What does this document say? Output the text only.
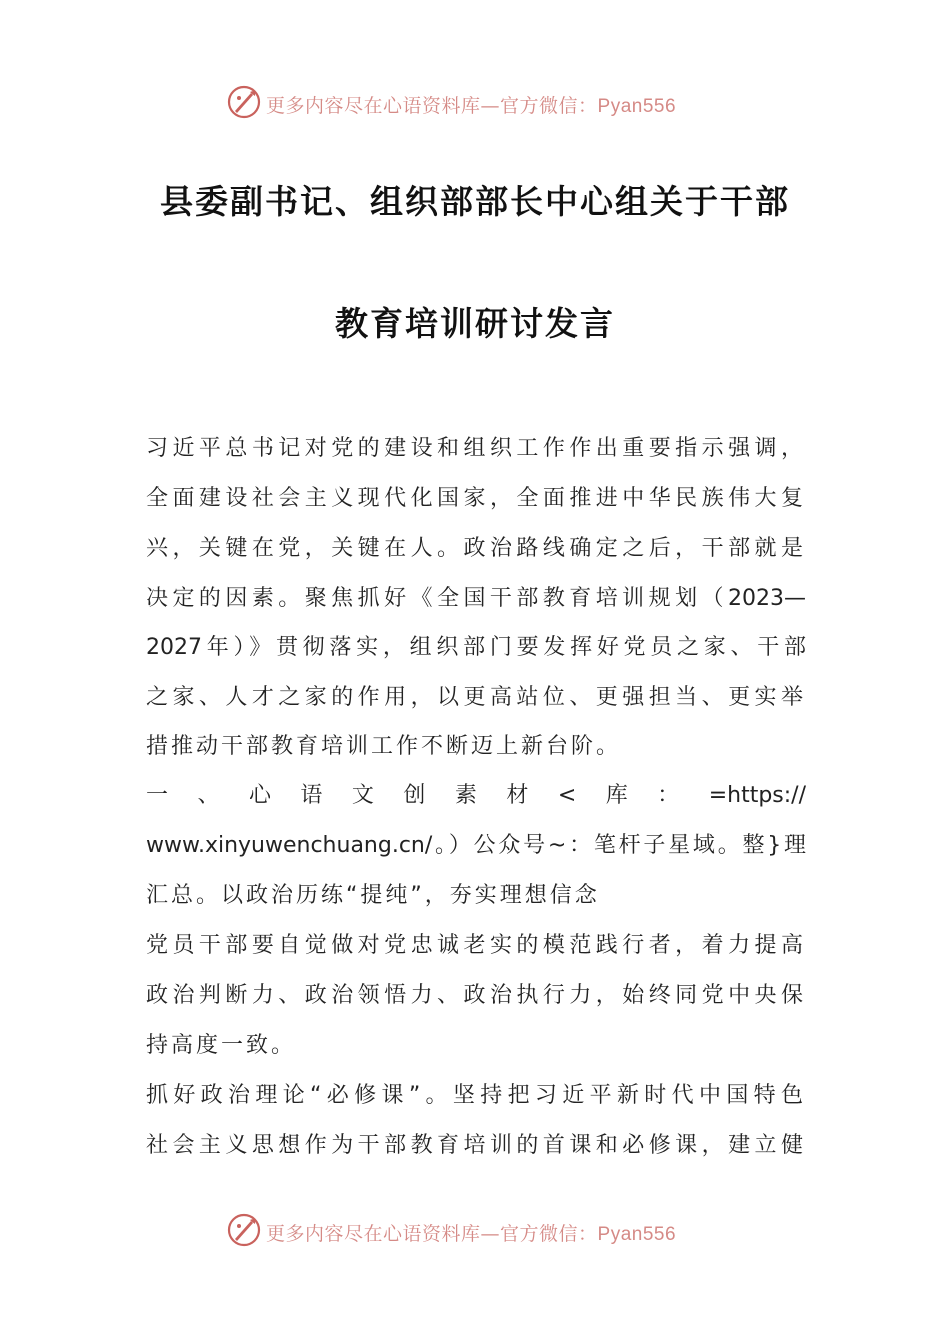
更多内容尽在心语资料库—官方微信：Pyan556
县委副书记、组织部部长中心组关于干部
教育培训研讨发言
习近平总书记对党的建设和组织工作作出重要指示强调，
全面建设社会主义现代化国家，全面推进中华民族伟大复
兴，关键在党，关键在人。政治路线确定之后，干部就是
决定的因素。聚焦抓好《全国干部教育培训规划（2023—
2027年）》贯彻落实，组织部门要发挥好党员之家、干部
之家、人才之家的作用，以更高站位、更强担当、更实举
措推动干部教育培训工作不断迈上新台阶。
一、心语文创素材<库：=https://
www.xinyuwenchuang.cn/。）公众号~：笔杆子星域。整}理
汇总。以政治历练“提纯”，夯实理想信念
党员干部要自觉做对党忠诚老实的模范践行者，着力提高
政治判断力、政治领悟力、政治执行力，始终同党中央保
持高度一致。
抓好政治理论“必修课”。坚持把习近平新时代中国特色
社会主义思想作为干部教育培训的首课和必修课，建立健
更多内容尽在心语资料库—官方微信：Pyan556
